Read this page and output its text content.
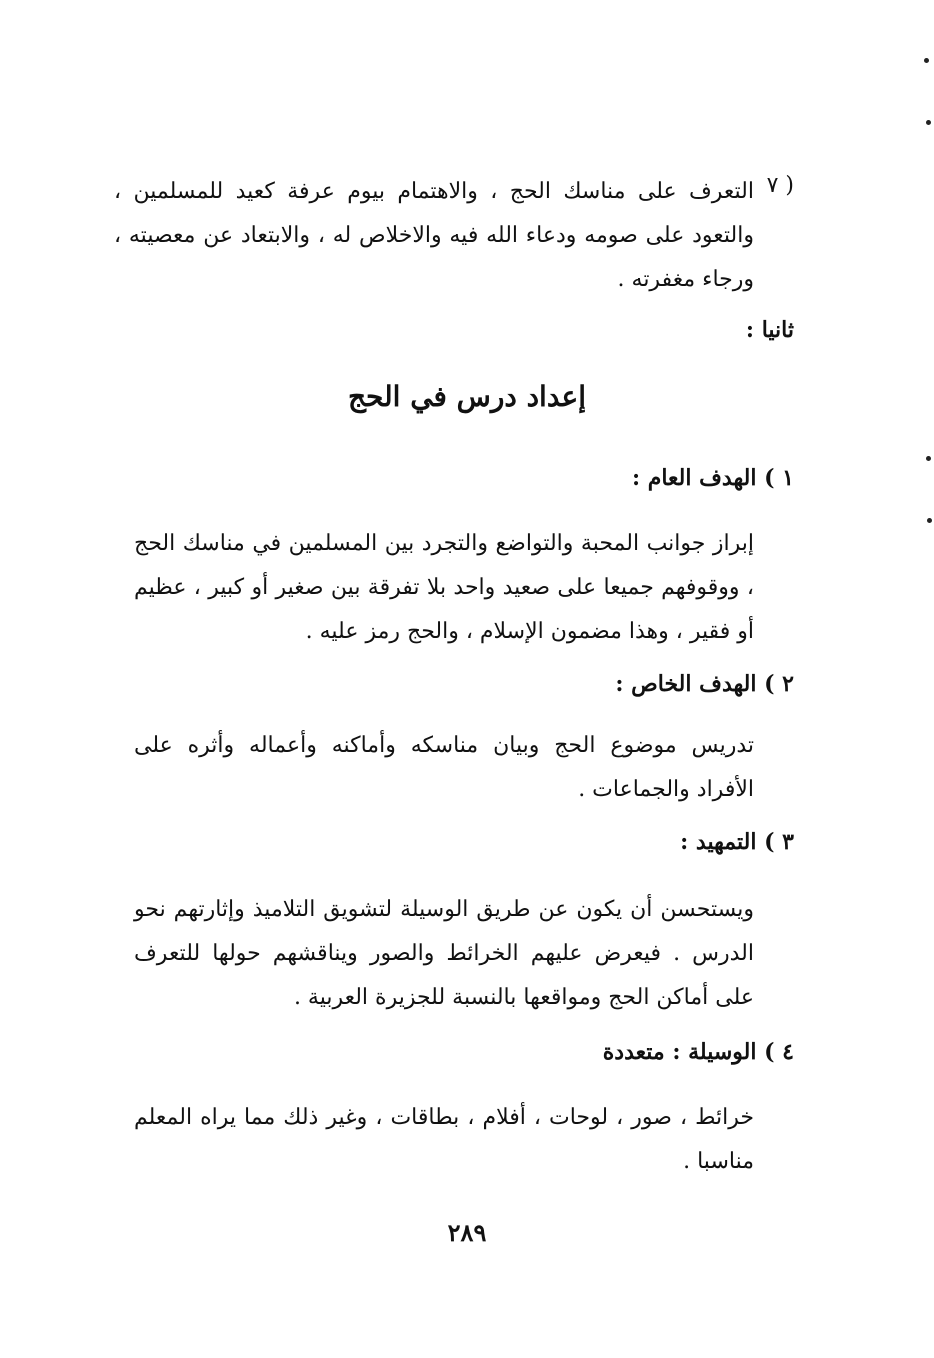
٧ )
التعرف على مناسك الحج ، والاهتمام بيوم عرفة كعيد للمسلمين ، والتعود على صومه ودعاء الله فيه والاخلاص له ، والابتعاد عن معصيته ، ورجاء مغفرته .
ثانيا :
إعداد درس في الحج
١ ) الهدف العام :
إبراز جوانب المحبة والتواضع والتجرد بين المسلمين في مناسك الحج ، ووقوفهم جميعا على صعيد واحد بلا تفرقة بين صغير أو كبير ، عظيم أو فقير ، وهذا مضمون الإسلام ، والحج رمز عليه .
٢ ) الهدف الخاص :
تدريس موضوع الحج وبيان مناسكه وأماكنه وأعماله وأثره على الأفراد والجماعات .
٣ ) التمهيد :
ويستحسن أن يكون عن طريق الوسيلة لتشويق التلاميذ وإثارتهم نحو الدرس . فيعرض عليهم الخرائط والصور ويناقشهم حولها للتعرف على أماكن الحج ومواقعها بالنسبة للجزيرة العربية .
٤ ) الوسيلة : متعددة
خرائط ، صور ، لوحات ، أفلام ، بطاقات ، وغير ذلك مما يراه المعلم مناسبا .
٢٨٩
